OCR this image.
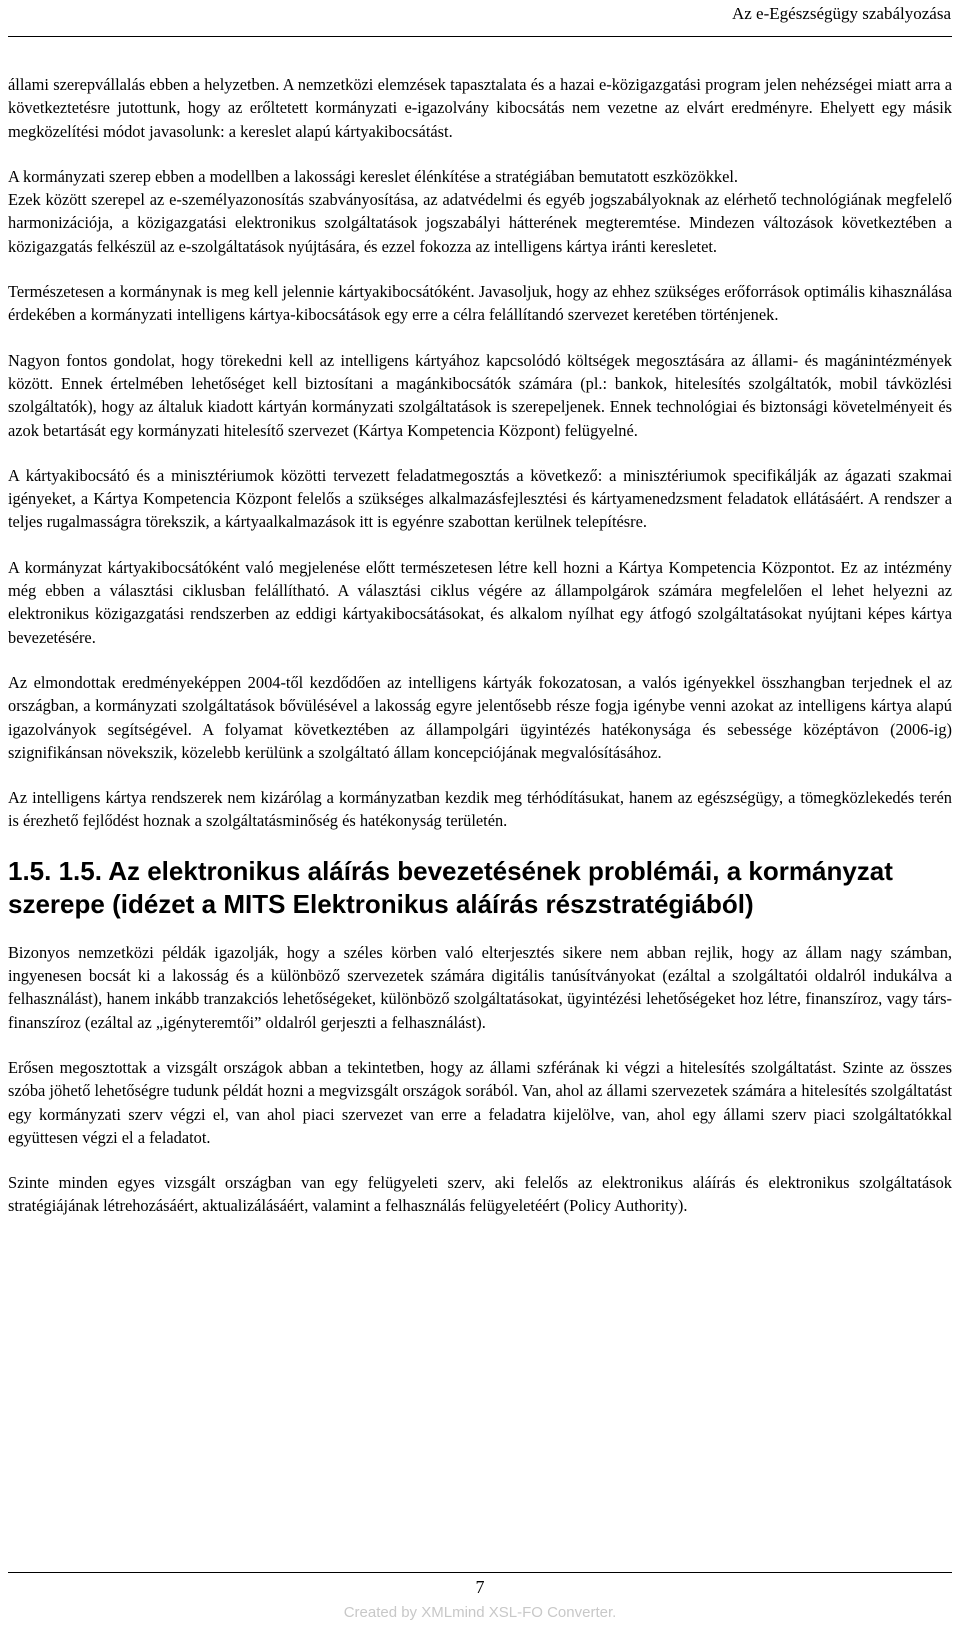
Az e-Egészségügy szabályozása

állami szerepvállalás ebben a helyzetben. A nemzetközi elemzések tapasztalata és a hazai e-közigazgatási program jelen nehézségei miatt arra a következtetésre jutottunk, hogy az erőltetett kormányzati e-igazolvány kibocsátás nem vezetne az elvárt eredményre. Ehelyett egy másik megközelítési módot javasolunk: a kereslet alapú kártyakibocsátást.

A kormányzati szerep ebben a modellben a lakossági kereslet élénkítése a stratégiában bemutatott eszközökkel.

Ezek között szerepel az e-személyazonosítás szabványosítása, az adatvédelmi és egyéb jogszabályoknak az elérhető technológiának megfelelő harmonizációja, a közigazgatási elektronikus szolgáltatások jogszabályi hátterének megteremtése. Mindezen változások következtében a közigazgatás felkészül az e-szolgáltatások nyújtására, és ezzel fokozza az intelligens kártya iránti keresletet.

Természetesen a kormánynak is meg kell jelennie kártyakibocsátóként. Javasoljuk, hogy az ehhez szükséges erőforrások optimális kihasználása érdekében a kormányzati intelligens kártya-kibocsátások egy erre a célra felállítandó szervezet keretében történjenek.

Nagyon fontos gondolat, hogy törekedni kell az intelligens kártyához kapcsolódó költségek megosztására az állami- és magánintézmények között. Ennek értelmében lehetőséget kell biztosítani a magánkibocsátók számára (pl.: bankok, hitelesítés szolgáltatók, mobil távközlési szolgáltatók), hogy az általuk kiadott kártyán kormányzati szolgáltatások is szerepeljenek. Ennek technológiai és biztonsági követelményeit és azok betartását egy kormányzati hitelesítő szervezet (Kártya Kompetencia Központ) felügyelné.

A kártyakibocsátó és a minisztériumok közötti tervezett feladatmegosztás a következő: a minisztériumok specifikálják az ágazati szakmai igényeket, a Kártya Kompetencia Központ felelős a szükséges alkalmazásfejlesztési és kártyamenedzsment feladatok ellátásáért. A rendszer a teljes rugalmasságra törekszik, a kártyaalkalmazások itt is egyénre szabottan kerülnek telepítésre.

A kormányzat kártyakibocsátóként való megjelenése előtt természetesen létre kell hozni a Kártya Kompetencia Központot. Ez az intézmény még ebben a választási ciklusban felállítható. A választási ciklus végére az állampolgárok számára megfelelően el lehet helyezni az elektronikus közigazgatási rendszerben az eddigi kártyakibocsátásokat, és alkalom nyílhat egy átfogó szolgáltatásokat nyújtani képes kártya bevezetésére.

Az elmondottak eredményeképpen 2004-től kezdődően az intelligens kártyák fokozatosan, a valós igényekkel összhangban terjednek el az országban, a kormányzati szolgáltatások bővülésével a lakosság egyre jelentősebb része fogja igénybe venni azokat az intelligens kártya alapú igazolványok segítségével. A folyamat következtében az állampolgári ügyintézés hatékonysága és sebessége középtávon (2006-ig) szignifikánsan növekszik, közelebb kerülünk a szolgáltató állam koncepciójának megvalósításához.

Az intelligens kártya rendszerek nem kizárólag a kormányzatban kezdik meg térhódításukat, hanem az egészségügy, a tömegközlekedés terén is érezhető fejlődést hoznak a szolgáltatásminőség és hatékonyság területén.

1.5. 1.5. Az elektronikus aláírás bevezetésének problémái, a kormányzat szerepe (idézet a MITS Elektronikus aláírás részstratégiából)

Bizonyos nemzetközi példák igazolják, hogy a széles körben való elterjesztés sikere nem abban rejlik, hogy az állam nagy számban, ingyenesen bocsát ki a lakosság és a különböző szervezetek számára digitális tanúsítványokat (ezáltal a szolgáltatói oldalról indukálva a felhasználást), hanem inkább tranzakciós lehetőségeket, különböző szolgáltatásokat, ügyintézési lehetőségeket hoz létre, finanszíroz, vagy társ-finanszíroz (ezáltal az „igényteremtői” oldalról gerjeszti a felhasználást).

Erősen megosztottak a vizsgált országok abban a tekintetben, hogy az állami szférának ki végzi a hitelesítés szolgáltatást. Szinte az összes szóba jöhető lehetőségre tudunk példát hozni a megvizsgált országok sorából. Van, ahol az állami szervezetek számára a hitelesítés szolgáltatást egy kormányzati szerv végzi el, van ahol piaci szervezet van erre a feladatra kijelölve, van, ahol egy állami szerv piaci szolgáltatókkal együttesen végzi el a feladatot.

Szinte minden egyes vizsgált országban van egy felügyeleti szerv, aki felelős az elektronikus aláírás és elektronikus szolgáltatások stratégiájának létrehozásáért, aktualizálásáért, valamint a felhasználás felügyeletéért (Policy Authority).

7
Created by XMLmind XSL-FO Converter.
